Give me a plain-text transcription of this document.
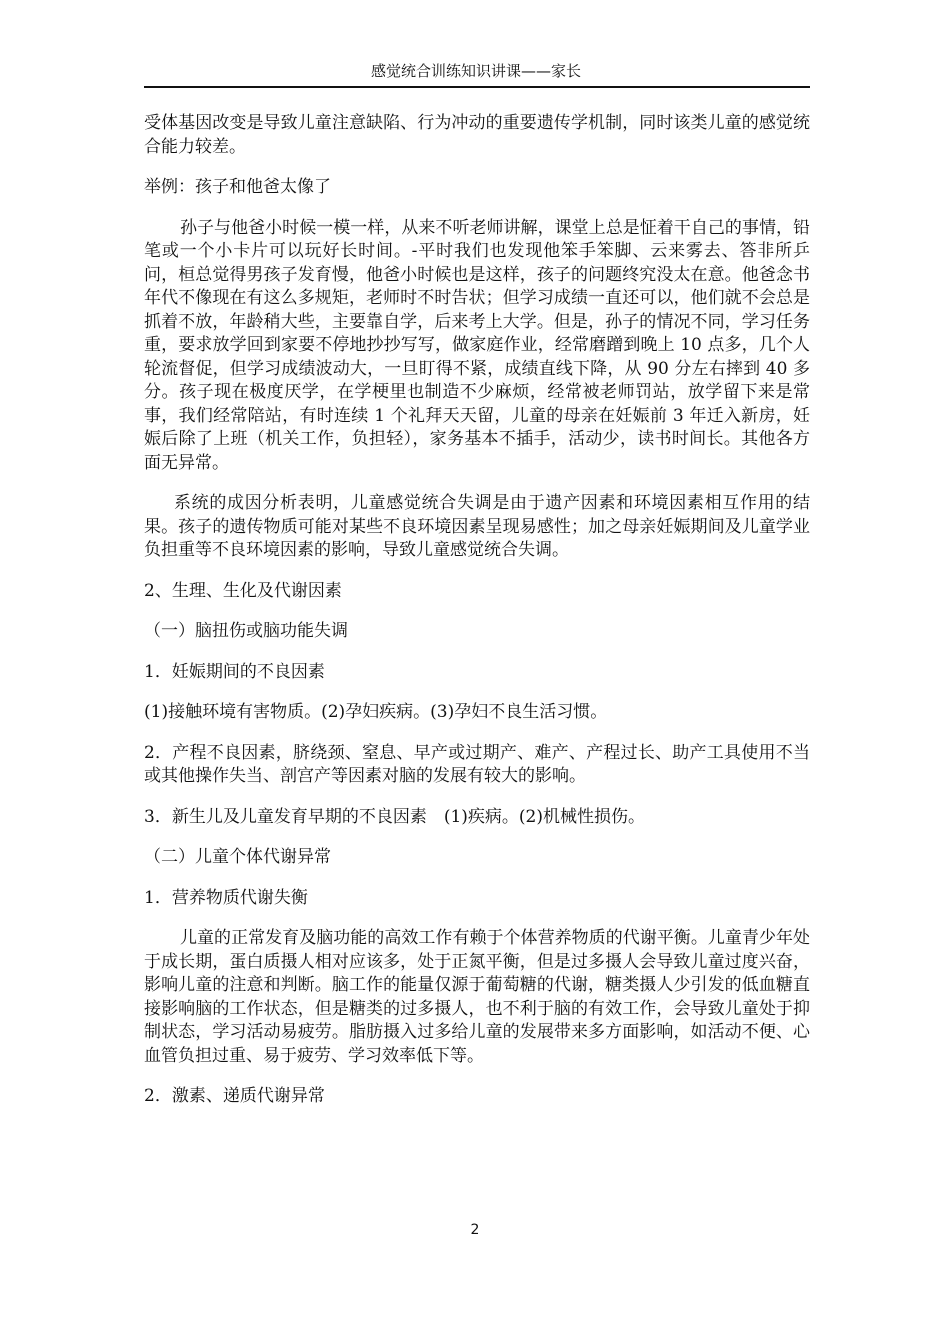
感觉统合训练知识讲课——家长

受体基因改变是导致儿童注意缺陷、行为冲动的重要遗传学机制，同时该类儿童的感觉统合能力较差。

举例：孩子和他爸太像了

孙子与他爸小时候一模一样，从来不听老师讲解，课堂上总是怔着干自己的事情，铅笔或一个小卡片可以玩好长时间。-平时我们也发现他笨手笨脚、云来雾去、答非所乒问，桓总觉得男孩子发育慢，他爸小时候也是这样，孩子的问题终究没太在意。他爸念书年代不像现在有这么多规矩，老师时不时告状；但学习成绩一直还可以，他们就不会总是抓着不放，年龄稍大些，主要靠自学，后来考上大学。但是，孙子的情况不同，学习任务重，要求放学回到家要不停地抄抄写写，做家庭作业，经常磨蹭到晚上 10 点多，几个人轮流督促，但学习成绩波动大，一旦盯得不紧，成绩直线下降，从 90 分左右摔到 40 多分。孩子现在极度厌学，在学梗里也制造不少麻烦，经常被老师罚站，放学留下来是常事，我们经常陪站，有时连续 1 个礼拜天天留，儿童的母亲在妊娠前 3 年迁入新房，妊娠后除了上班（机关工作，负担轻），家务基本不插手，活动少，读书时间长。其他各方面无异常。

系统的成因分析表明，儿童感觉统合失调是由于遗产因素和环境因素相互作用的结果。孩子的遗传物质可能对某些不良环境因素呈现易感性；加之母亲妊娠期间及儿童学业负担重等不良环境因素的影响，导致儿童感觉统合失调。

2、生理、生化及代谢因素

（一）脑扭伤或脑功能失调

1．妊娠期间的不良因素

(1)接触环境有害物质。(2)孕妇疾病。(3)孕妇不良生活习惯。

2．产程不良因素，脐绕颈、窒息、早产或过期产、难产、产程过长、助产工具使用不当或其他操作失当、剖宫产等因素对脑的发展有较大的影响。

3．新生儿及儿童发育早期的不良因素　(1)疾病。(2)机械性损伤。

（二）儿童个体代谢异常

1．营养物质代谢失衡

儿童的正常发育及脑功能的高效工作有赖于个体营养物质的代谢平衡。儿童青少年处于成长期，蛋白质摄人相对应该多，处于正氮平衡，但是过多摄人会导致儿童过度兴奋，影响儿童的注意和判断。脑工作的能量仅源于葡萄糖的代谢，糖类摄人少引发的低血糖直接影响脑的工作状态，但是糖类的过多摄人，也不利于脑的有效工作，会导致儿童处于抑制状态，学习活动易疲劳。脂肪摄入过多给儿童的发展带来多方面影响，如活动不便、心血管负担过重、易于疲劳、学习效率低下等。

2．激素、递质代谢异常

2
